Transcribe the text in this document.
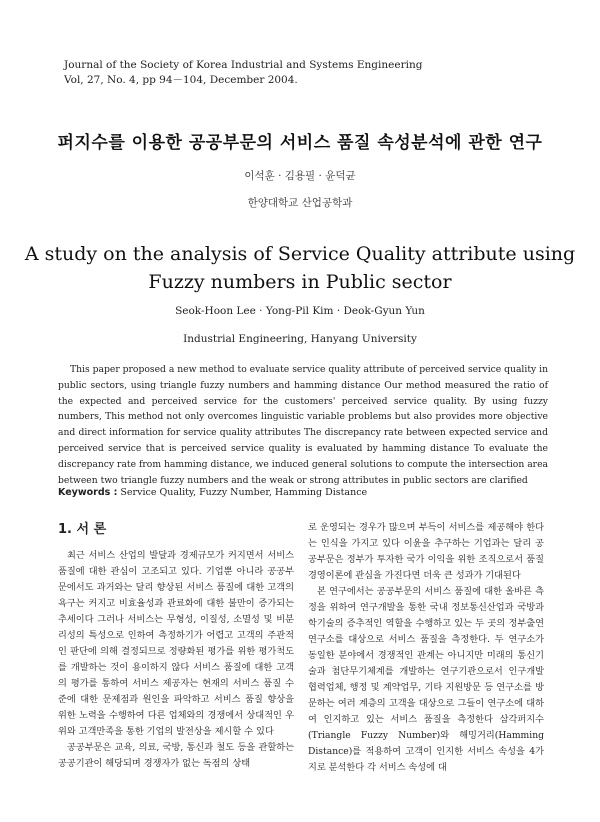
Journal of the Society of Korea Industrial and Systems Engineering
Vol, 27, No. 4, pp 94－104, December 2004.
퍼지수를 이용한 공공부문의 서비스 품질 속성분석에 관한 연구
이석훈 · 김용필 · 윤덕균
한양대학교 산업공학과
A study on the analysis of Service Quality attribute using
Fuzzy numbers in Public sector
Seok-Hoon Lee · Yong-Pil Kim · Deok-Gyun Yun
Industrial Engineering, Hanyang University
This paper proposed a new method to evaluate service quality attribute of perceived service quality in public sectors, using triangle fuzzy numbers and hamming distance Our method measured the ratio of the expected and perceived service for the customers' perceived service quality. By using fuzzy numbers, This method not only overcomes linguistic variable problems but also provides more objective and direct information for service quality attributes The discrepancy rate between expected service and perceived service that is perceived service quality is evaluated by hamming distance To evaluate the discrepancy rate from hamming distance, we induced general solutions to compute the intersection area between two triangle fuzzy numbers and the weak or strong attributes in public sectors are clarified
Keywords : Service Quality, Fuzzy Number, Hamming Distance
1. 서 론

최근 서비스 산업의 발달과 경제규모가 커지면서 서비스 품질에 대한 관심이 고조되고 있다. 기업뿐 아니라 공공부문에서도 과거와는 달리 향상된 서비스 품질에 대한 고객의 욕구는 커지고 비효율성과 관료화에 대한 불만이 증가되는 추세이다 그러나 서비스는 무형성, 이질성, 소멸성 및 비분리성의 특성으로 인하여 측정하기가 어렵고 고객의 주관적인 판단에 의해 결정되므로 정량화된 평가를 위한 평가척도를 개발하는 것이 용이하지 않다 서비스 품질에 대한 고객의 평가를 통하여 서비스 제공자는 현재의 서비스 품질 수준에 대한 문제점과 원인을 파악하고 서비스 품질 향상을 위한 노력을 수행하여 다른 업체와의 경쟁에서 상대적인 우위와 고객만족을 통한 기업의 발전상을 제시할 수 있다

공공부문은 교육, 의료, 국방, 통신과 철도 등을 관할하는 공공기관이 해당되며 경쟁자가 없는 독점의 상태

로 운영되는 경우가 많으며 부득이 서비스를 제공해야 한다는 인식을 가지고 있다 이윤을 추구하는 기업과는 달리 공공부문은 정부가 투자한 국가 이익을 위한 조직으로서 품질경영이론에 관심을 가진다면 더욱 큰 성과가 기대된다

본 연구에서는 공공부문의 서비스 품질에 대한 올바른 측정을 위하여 연구개발을 통한 국내 정보통신산업과 국방과학기술의 증추적인 역할을 수행하고 있는 두 곳의 정부출연연구소를 대상으로 서비스 품질을 측정한다. 두 연구소가 동일한 분야에서 경쟁적인 관계는 아니지만 미래의 통신기술과 첨단무기체계를 개발하는 연구기관으로서 인구개발 협력업체, 행정 및 계약업무, 기타 지원방문 등 연구소를 방문하는 여러 계층의 고객을 대상으로 그들이 연구소에 대하여 인지하고 있는 서비스 품질을 측정한다 삼각퍼지수(Triangle Fuzzy Number)와 해밍거리(Hamming Distance)를 적용하여 고객이 인지한 서비스 속성을 4가지로 분석한다 각 서비스 속성에 대
